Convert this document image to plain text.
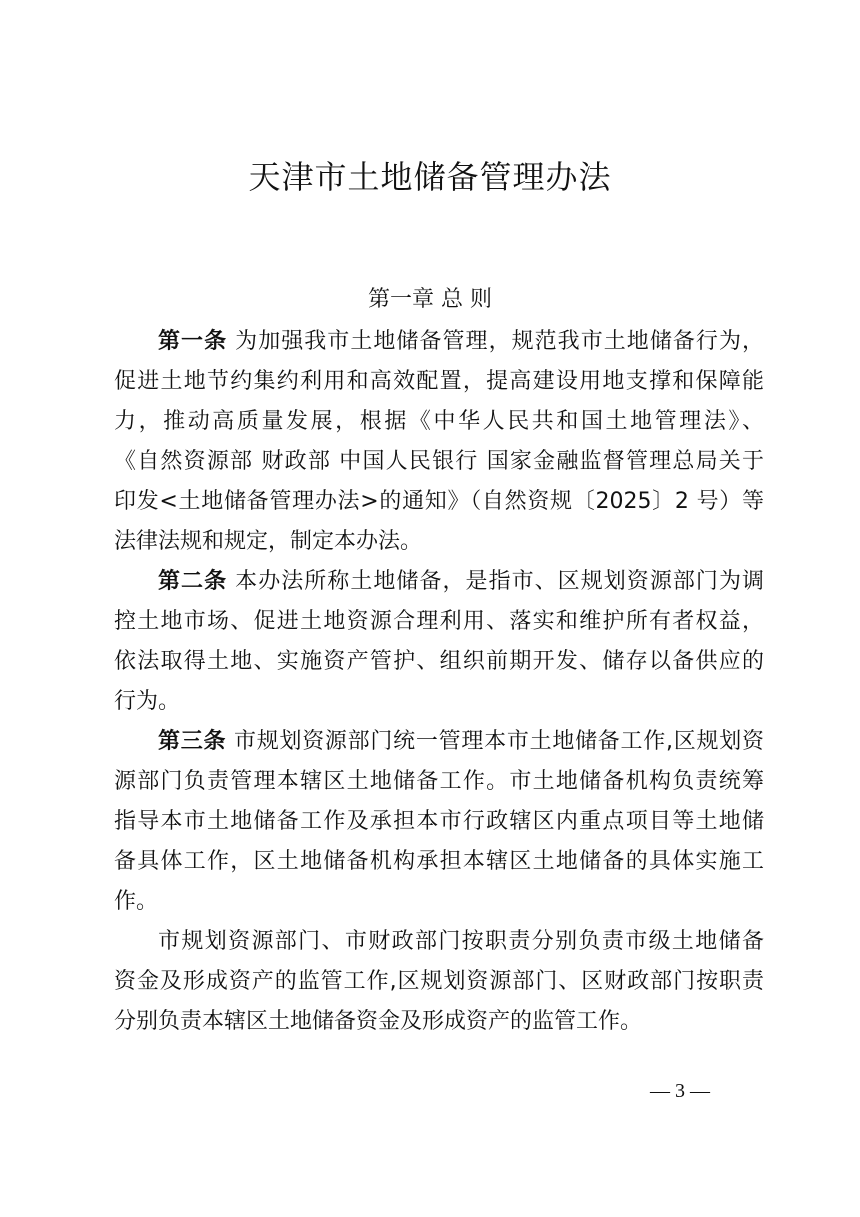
天津市土地储备管理办法
第一章 总 则
第一条 为加强我市土地储备管理，规范我市土地储备行为，
促进土地节约集约利用和高效配置，提高建设用地支撑和保障能
力，推动高质量发展，根据《中华人民共和国土地管理法》、
《自然资源部 财政部 中国人民银行 国家金融监督管理总局关于
印发<土地储备管理办法>的通知》（自然资规〔2025〕2 号）等
法律法规和规定，制定本办法。
第二条 本办法所称土地储备，是指市、区规划资源部门为调
控土地市场、促进土地资源合理利用、落实和维护所有者权益，
依法取得土地、实施资产管护、组织前期开发、储存以备供应的
行为。
第三条 市规划资源部门统一管理本市土地储备工作,区规划资
源部门负责管理本辖区土地储备工作。市土地储备机构负责统筹
指导本市土地储备工作及承担本市行政辖区内重点项目等土地储
备具体工作，区土地储备机构承担本辖区土地储备的具体实施工
作。
市规划资源部门、市财政部门按职责分别负责市级土地储备
资金及形成资产的监管工作,区规划资源部门、区财政部门按职责
分别负责本辖区土地储备资金及形成资产的监管工作。
— 3 —
